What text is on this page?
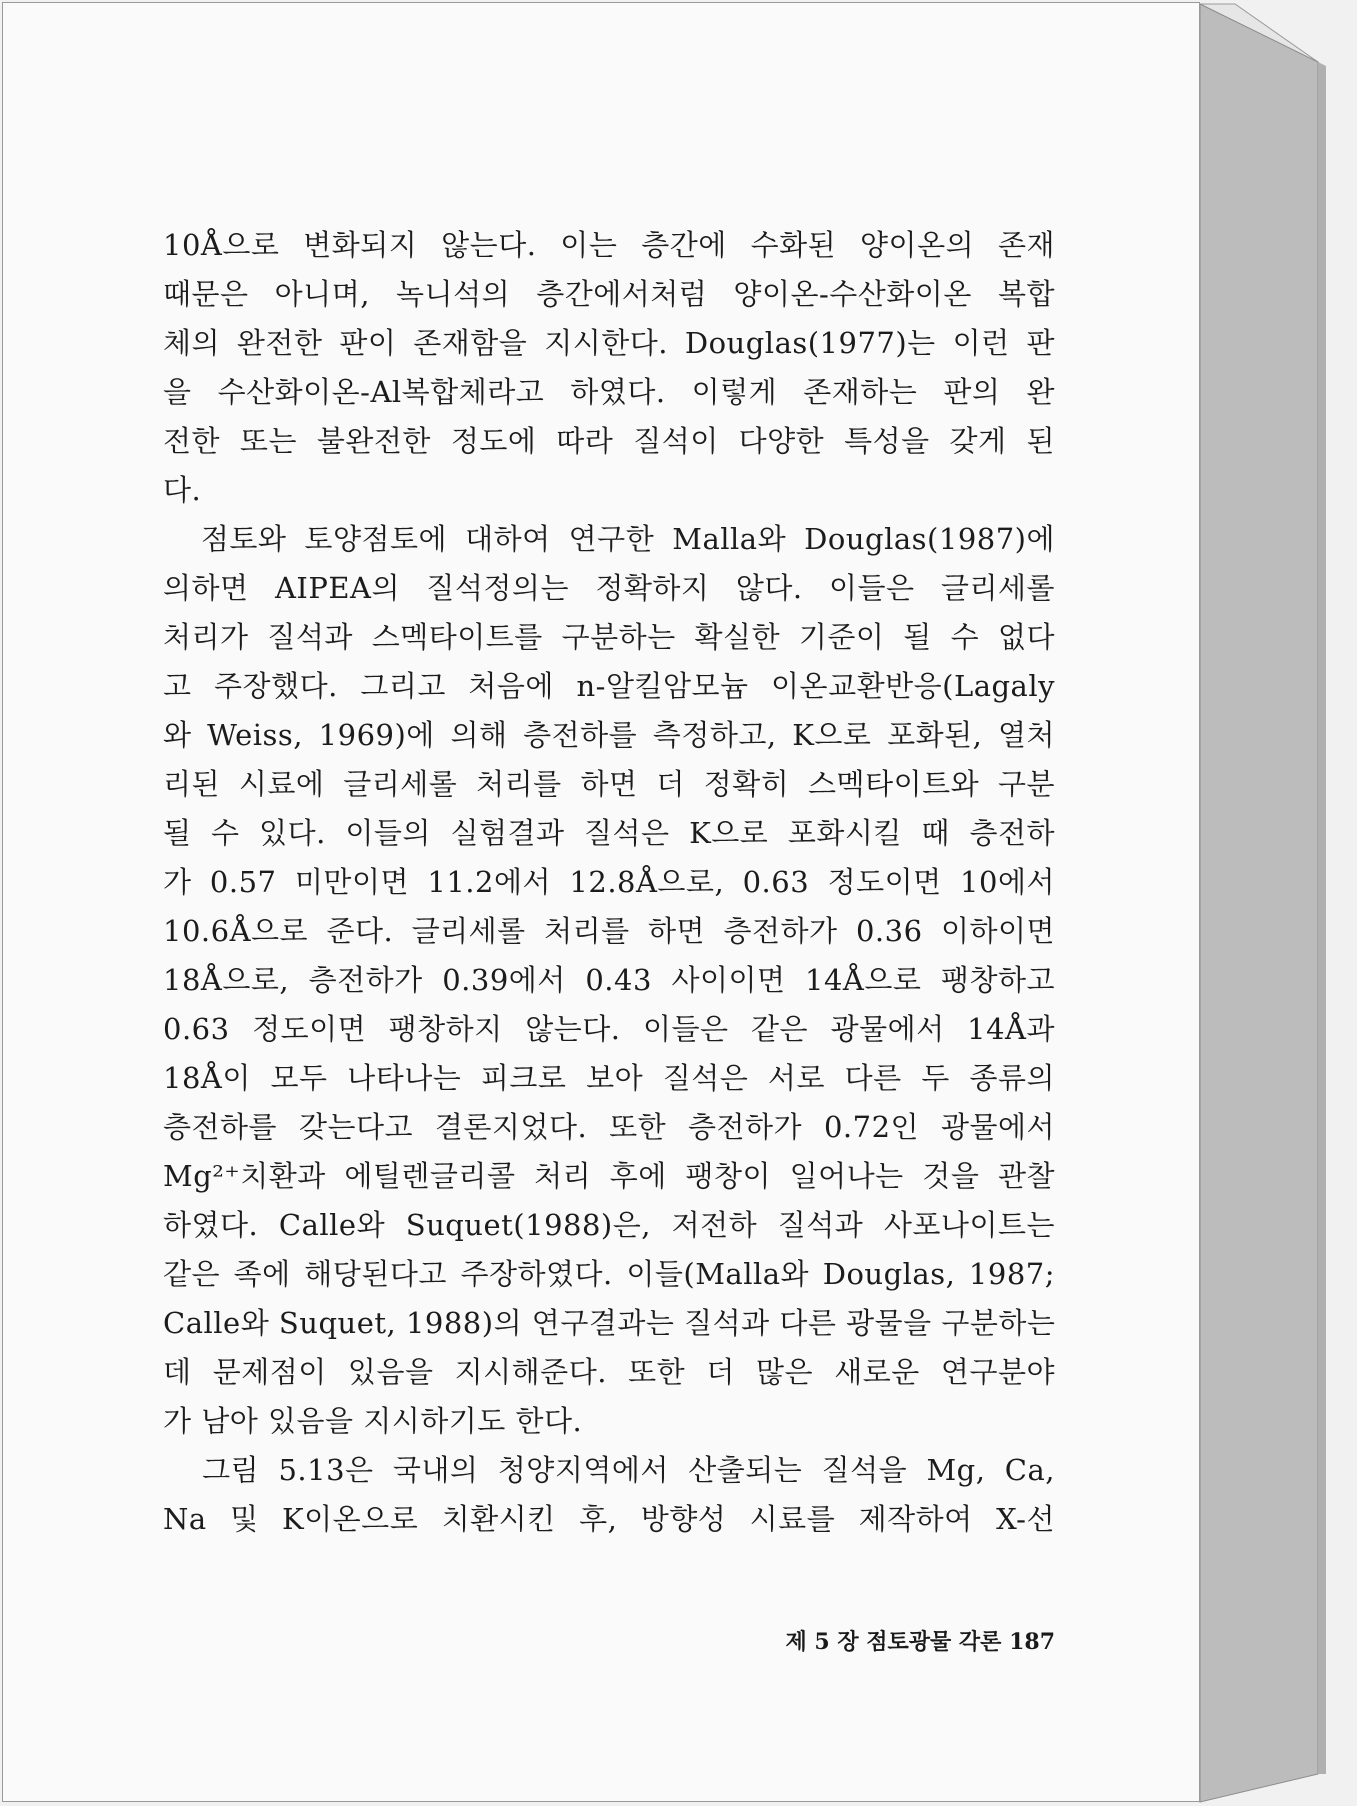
10Å으로 변화되지 않는다. 이는 층간에 수화된 양이온의 존재
때문은 아니며, 녹니석의 층간에서처럼 양이온-수산화이온 복합
체의 완전한 판이 존재함을 지시한다. Douglas(1977)는 이런 판
을 수산화이온-Al복합체라고 하였다. 이렇게 존재하는 판의 완
전한 또는 불완전한 정도에 따라 질석이 다양한 특성을 갖게 된
다.
　점토와 토양점토에 대하여 연구한 Malla와 Douglas(1987)에
의하면 AIPEA의 질석정의는 정확하지 않다. 이들은 글리세롤
처리가 질석과 스멕타이트를 구분하는 확실한 기준이 될 수 없다
고 주장했다. 그리고 처음에 n-알킬암모늄 이온교환반응(Lagaly
와 Weiss, 1969)에 의해 층전하를 측정하고, K으로 포화된, 열처
리된 시료에 글리세롤 처리를 하면 더 정확히 스멕타이트와 구분
될 수 있다. 이들의 실험결과 질석은 K으로 포화시킬 때 층전하
가 0.57 미만이면 11.2에서 12.8Å으로, 0.63 정도이면 10에서
10.6Å으로 준다. 글리세롤 처리를 하면 층전하가 0.36 이하이면
18Å으로, 층전하가 0.39에서 0.43 사이이면 14Å으로 팽창하고
0.63 정도이면 팽창하지 않는다. 이들은 같은 광물에서 14Å과
18Å이 모두 나타나는 피크로 보아 질석은 서로 다른 두 종류의
층전하를 갖는다고 결론지었다. 또한 층전하가 0.72인 광물에서
Mg²⁺치환과 에틸렌글리콜 처리 후에 팽창이 일어나는 것을 관찰
하였다. Calle와 Suquet(1988)은, 저전하 질석과 사포나이트는
같은 족에 해당된다고 주장하였다. 이들(Malla와 Douglas, 1987;
Calle와 Suquet, 1988)의 연구결과는 질석과 다른 광물을 구분하는
데 문제점이 있음을 지시해준다. 또한 더 많은 새로운 연구분야
가 남아 있음을 지시하기도 한다.
　그림 5.13은 국내의 청양지역에서 산출되는 질석을 Mg, Ca,
Na 및 K이온으로 치환시킨 후, 방향성 시료를 제작하여 X-선
제 5 장 점토광물 각론 187
